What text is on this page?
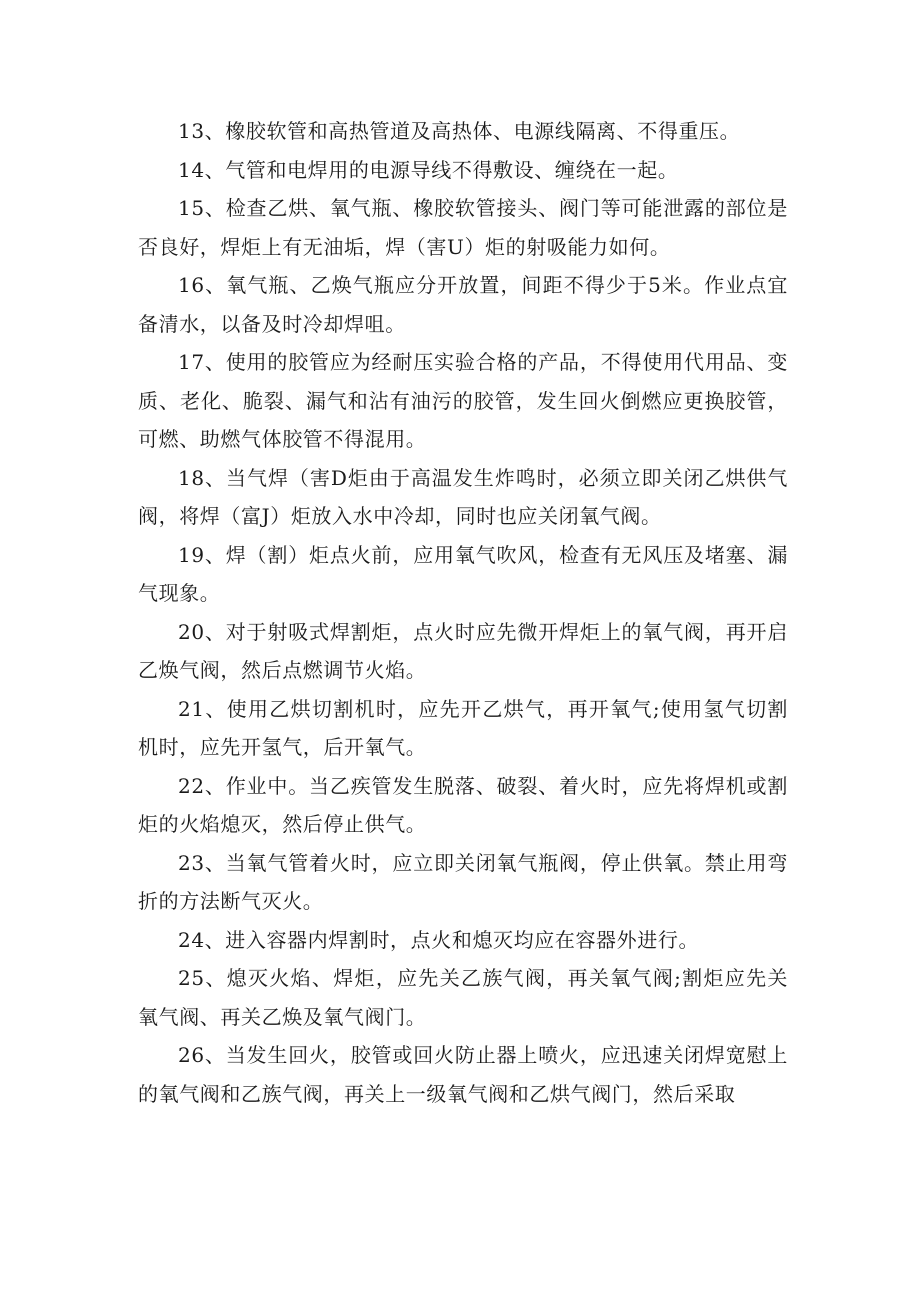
13、橡胶软管和高热管道及高热体、电源线隔离、不得重压。

14、气管和电焊用的电源导线不得敷设、缠绕在一起。

15、检查乙烘、氧气瓶、橡胶软管接头、阀门等可能泄露的部位是否良好，焊炬上有无油垢，焊（害U）炬的射吸能力如何。

16、氧气瓶、乙焕气瓶应分开放置，间距不得少于5米。作业点宜备清水，以备及时冷却焊咀。

17、使用的胶管应为经耐压实验合格的产品，不得使用代用品、变质、老化、脆裂、漏气和沾有油污的胶管，发生回火倒燃应更换胶管，可燃、助燃气体胶管不得混用。

18、当气焊（害D炬由于高温发生炸鸣时，必须立即关闭乙烘供气阀，将焊（富J）炬放入水中冷却，同时也应关闭氧气阀。

19、焊（割）炬点火前，应用氧气吹风，检查有无风压及堵塞、漏气现象。

20、对于射吸式焊割炬，点火时应先微开焊炬上的氧气阀，再开启乙焕气阀，然后点燃调节火焰。

21、使用乙烘切割机时，应先开乙烘气，再开氧气;使用氢气切割机时，应先开氢气，后开氧气。

22、作业中。当乙疾管发生脱落、破裂、着火时，应先将焊机或割炬的火焰熄灭，然后停止供气。

23、当氧气管着火时，应立即关闭氧气瓶阀，停止供氧。禁止用弯折的方法断气灭火。

24、进入容器内焊割时，点火和熄灭均应在容器外进行。

25、熄灭火焰、焊炬，应先关乙族气阀，再关氧气阀;割炬应先关氧气阀、再关乙焕及氧气阀门。

26、当发生回火，胶管或回火防止器上喷火，应迅速关闭焊宽慰上的氧气阀和乙族气阀，再关上一级氧气阀和乙烘气阀门，然后采取
